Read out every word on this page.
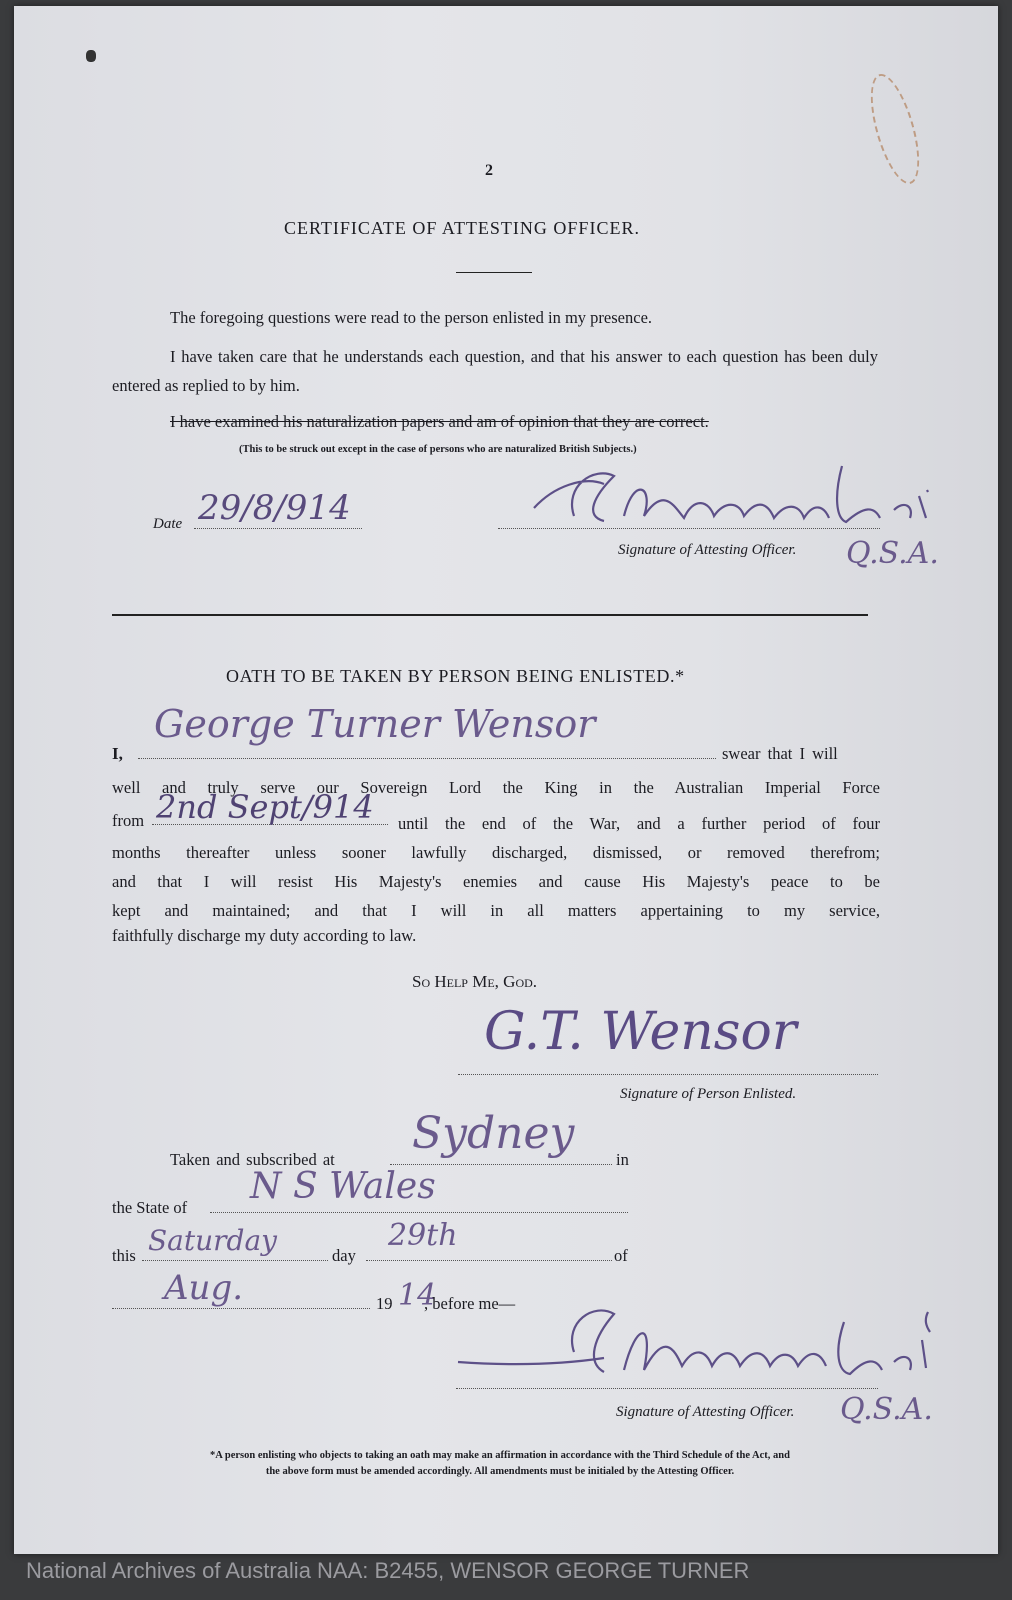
2
CERTIFICATE OF ATTESTING OFFICER.
The foregoing questions were read to the person enlisted in my presence.
I have taken care that he understands each question, and that his answer to each question has been duly entered as replied to by him.
I have examined his naturalization papers and am of opinion that they are correct.
(This to be struck out except in the case of persons who are naturalized British Subjects.)
Date 29/8/914
Signature of Attesting Officer. Q.S.A.
OATH TO BE TAKEN BY PERSON BEING ENLISTED.*
I,
George Turner Wensor
swear that I will
well and truly serve our Sovereign Lord the King in the Australian Imperial Force
from 2nd Sept/914 until the end of the War, and a further period of four
months thereafter unless sooner lawfully discharged, dismissed, or removed therefrom;
and that I will resist His Majesty's enemies and cause His Majesty's peace to be
kept and maintained; and that I will in all matters appertaining to my service,
faithfully discharge my duty according to law.
So Help Me, God.
G.T. Wensor
Signature of Person Enlisted.
Taken and subscribed at
Sydney
in
the State of
N S Wales
this Saturday	day
29th
of
Aug.	19 14
, before me—
Signature of Attesting Officer. Q.S.A.
*A person enlisting who objects to taking an oath may make an affirmation in accordance with the Third Schedule of the Act, and
the above form must be amended accordingly. All amendments must be initialed by the Attesting Officer.
National Archives of Australia NAA: B2455, WENSOR GEORGE TURNER
